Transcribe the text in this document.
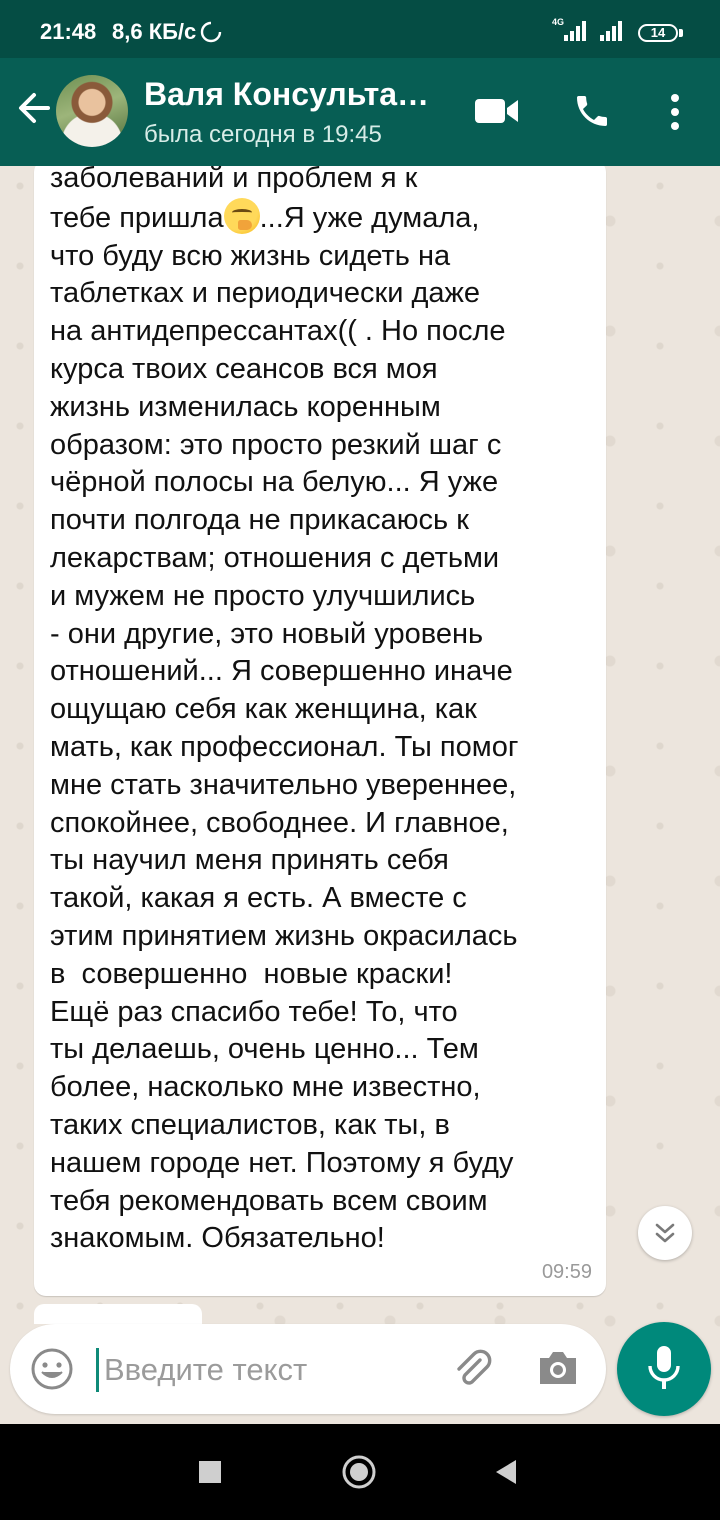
21:48 8,6 КБ/с	4G
14
Валя Консульта…
была сегодня в 19:45
заболеваний и проблем я к
тебе пришла ...Я уже думала,
что буду всю жизнь сидеть на
таблетках и периодически даже
на антидепрессантах(( . Но после
курса твоих сеансов вся моя
жизнь изменилась коренным
образом: это просто резкий шаг с
чёрной полосы на белую... Я уже
почти полгода не прикасаюсь к
лекарствам; отношения с детьми
и мужем не просто улучшились
- они другие, это новый уровень
отношений... Я совершенно иначе
ощущаю себя как женщина, как
мать, как профессионал. Ты помог
мне стать значительно увереннее,
спокойнее, свободнее. И главное,
ты научил меня принять себя
такой, какая я есть. А вместе с
этим принятием жизнь окрасилась
в  совершенно  новые краски!
Ещё раз спасибо тебе! То, что
ты делаешь, очень ценно... Тем
более, насколько мне известно,
таких специалистов, как ты, в
нашем городе нет. Поэтому я буду
тебя рекомендовать всем своим
знакомым. Обязательно!
09:59
Введите текст
